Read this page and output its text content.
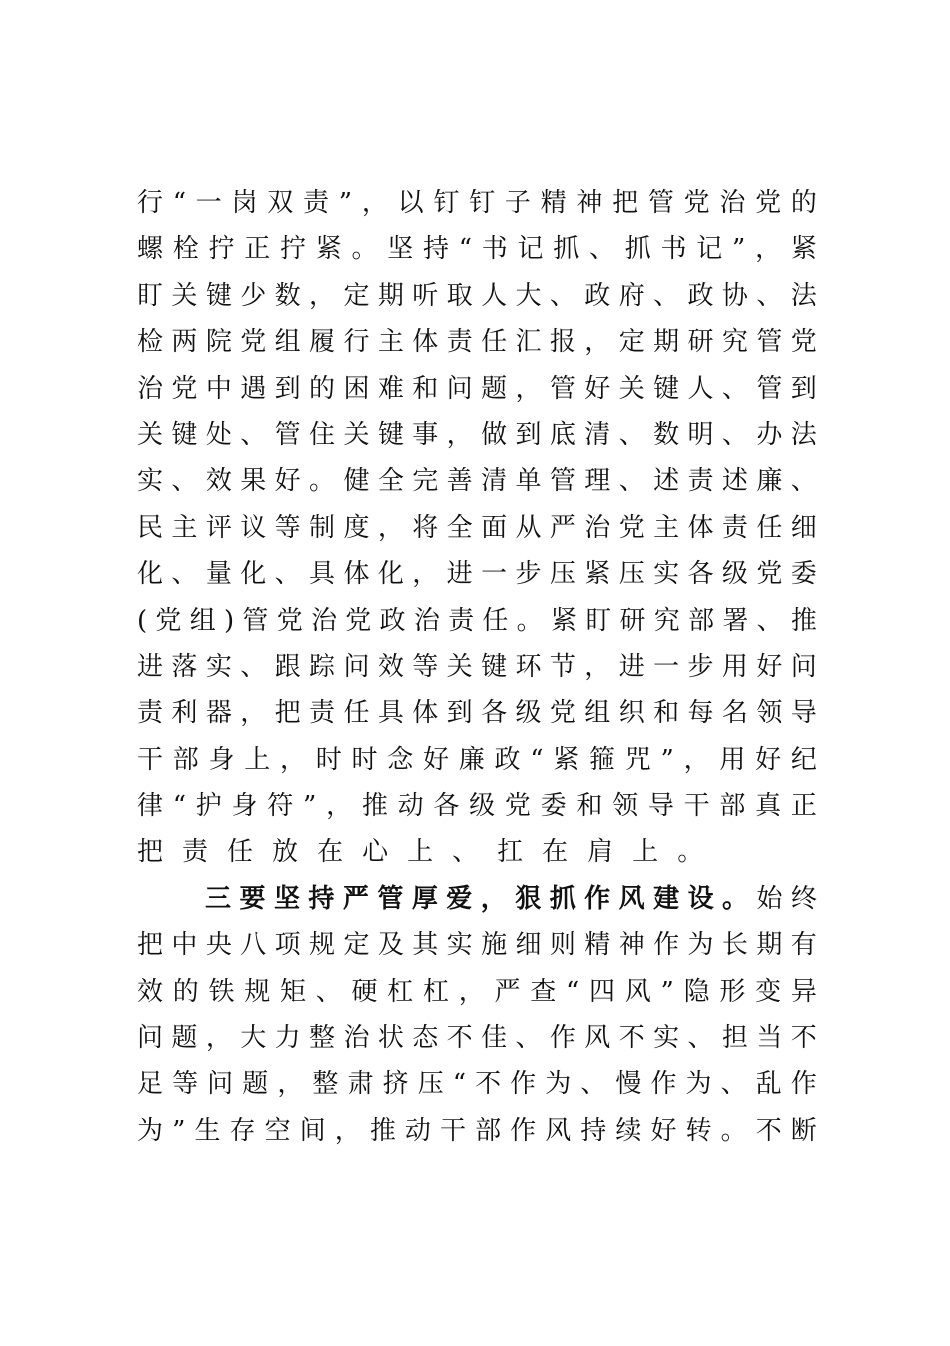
行 “ 一 岗 双 责 ” ， 以 钉 钉 子 精 神 把 管 党 治 党 的
螺 栓 拧 正 拧 紧 。 坚 持 “ 书 记 抓 、 抓 书 记 ” ， 紧
盯 关 键 少 数 ， 定 期 听 取 人 大 、 政 府 、 政 协 、 法
检 两 院 党 组 履 行 主 体 责 任 汇 报 ， 定 期 研 究 管 党
治 党 中 遇 到 的 困 难 和 问 题 ， 管 好 关 键 人 、 管 到
关 键 处 、 管 住 关 键 事 ， 做 到 底 清 、 数 明 、 办 法
实 、 效 果 好 。 健 全 完 善 清 单 管 理 、 述 责 述 廉 、
民 主 评 议 等 制 度 ， 将 全 面 从 严 治 党 主 体 责 任 细
化 、 量 化 、 具 体 化 ， 进 一 步 压 紧 压 实 各 级 党 委
( 党 组 ) 管 党 治 党 政 治 责 任 。 紧 盯 研 究 部 署 、 推
进 落 实 、 跟 踪 问 效 等 关 键 环 节 ， 进 一 步 用 好 问
责 利 器 ， 把 责 任 具 体 到 各 级 党 组 织 和 每 名 领 导
干 部 身 上 ， 时 时 念 好 廉 政 “ 紧 箍 咒 ” ， 用 好 纪
律 “ 护 身 符 ” ， 推 动 各 级 党 委 和 领 导 干 部 真 正
把 责 任 放 在 心 上 、 扛 在 肩 上 。
三 要 坚 持 严 管 厚 爱 ， 狠 抓 作 风 建 设 。 始 终
把 中 央 八 项 规 定 及 其 实 施 细 则 精 神 作 为 长 期 有
效 的 铁 规 矩 、 硬 杠 杠 ， 严 查 “ 四 风 ” 隐 形 变 异
问 题 ， 大 力 整 治 状 态 不 佳 、 作 风 不 实 、 担 当 不
足 等 问 题 ， 整 肃 挤 压 “ 不 作 为 、 慢 作 为 、 乱 作
为 ” 生 存 空 间 ， 推 动 干 部 作 风 持 续 好 转 。 不 断
